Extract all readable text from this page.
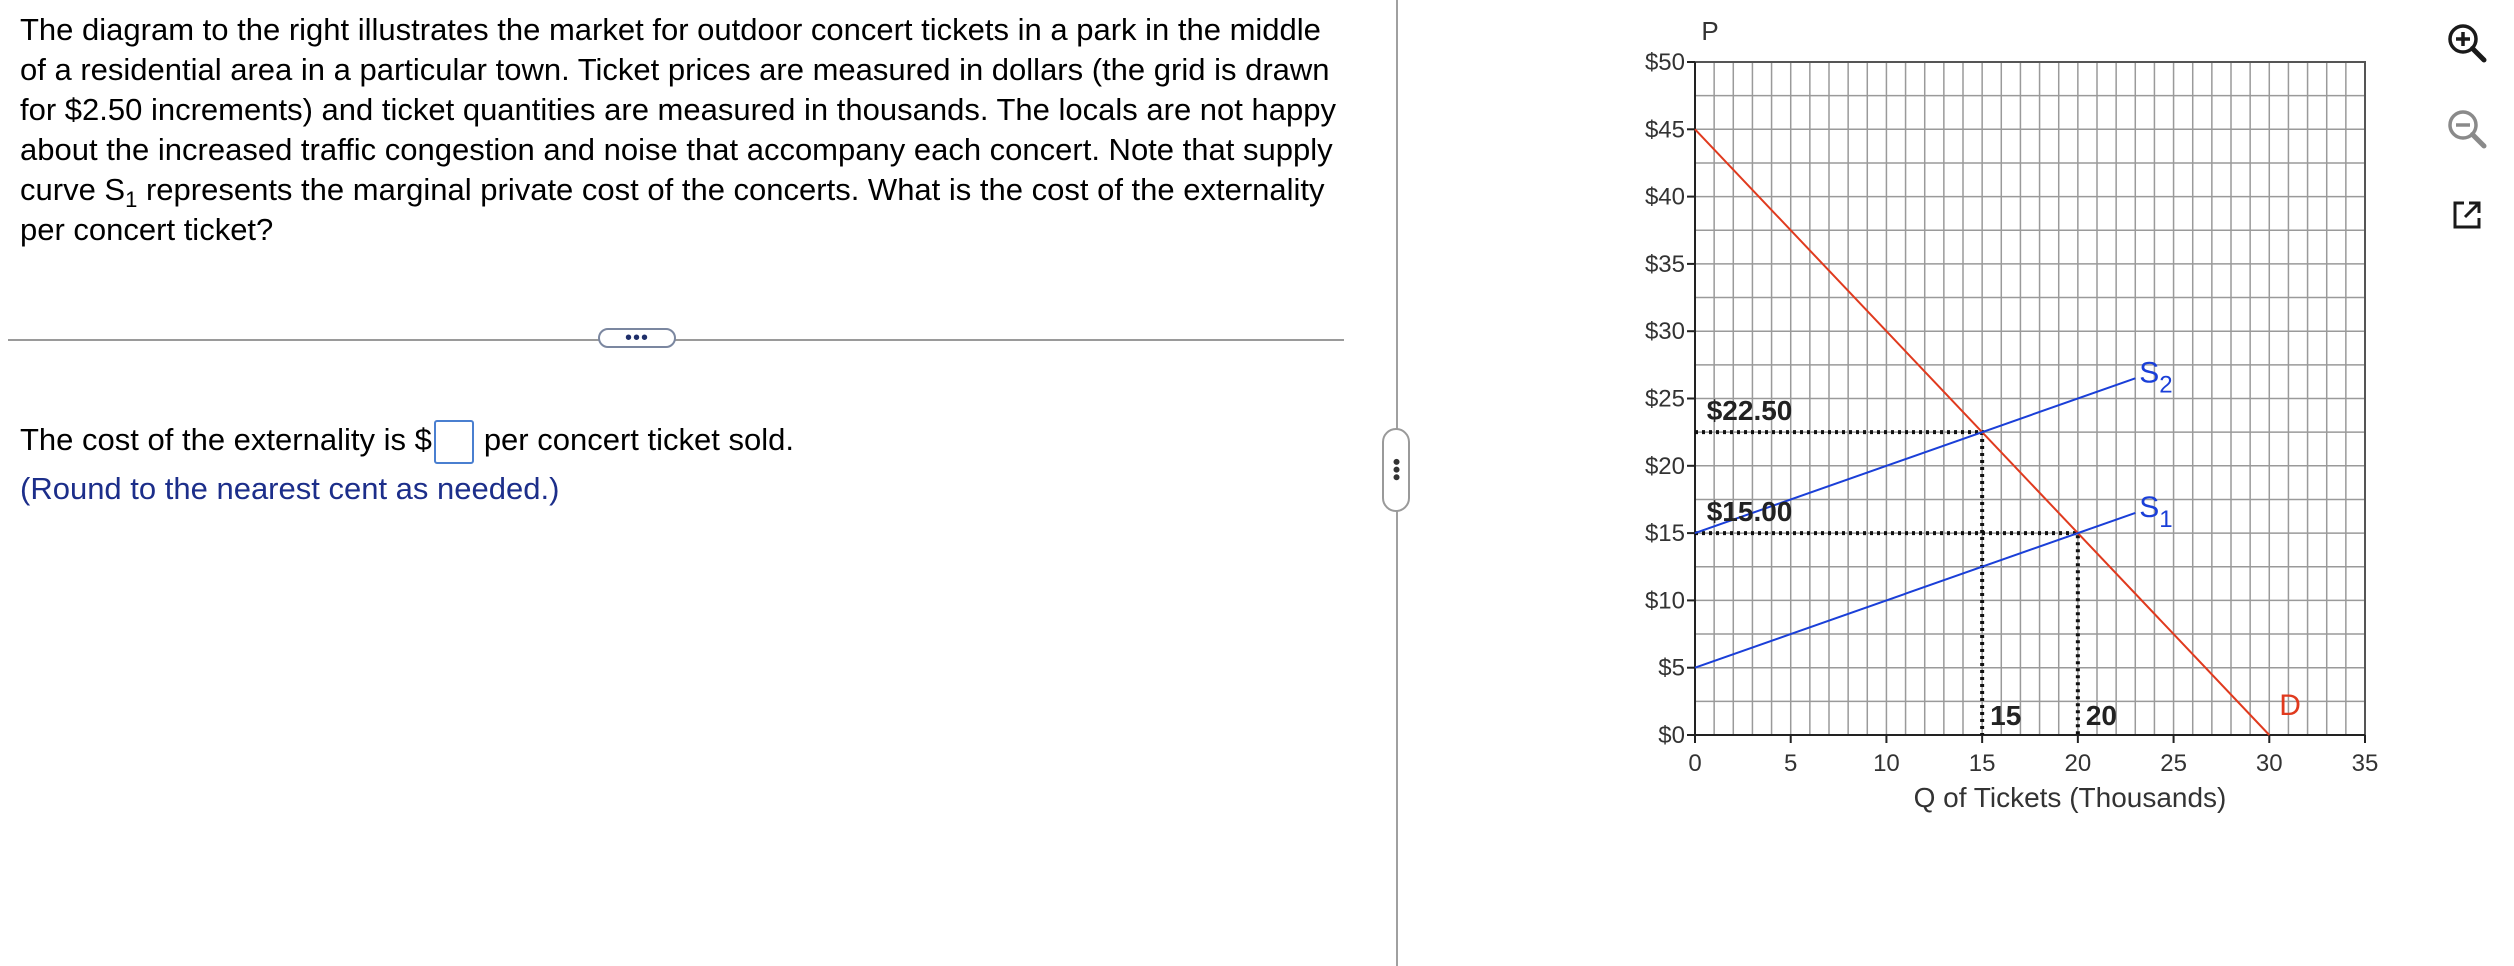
The diagram to the right illustrates the market for outdoor concert tickets in a park in the middle of a residential area in a particular town. Ticket prices are measured in dollars (the grid is drawn for $2.50 increments) and ticket quantities are measured in thousands. The locals are not happy about the increased traffic congestion and noise that accompany each concert. Note that supply curve $S_1$ represents the marginal private cost of the concerts. What is the cost of the externality per concert ticket?

•••
The cost of the externality is $ per concert ticket sold.
(Round to the nearest cent as needed.)
•••
$0
$5
$10
$15
$20
$25
$30
$35
$40
$45
$50
0	5	10	15	20	25	30	35
Q of Tickets (Thousands)
P
D
$S_1$
$S_2$
$22.50
$15.00
15 20
